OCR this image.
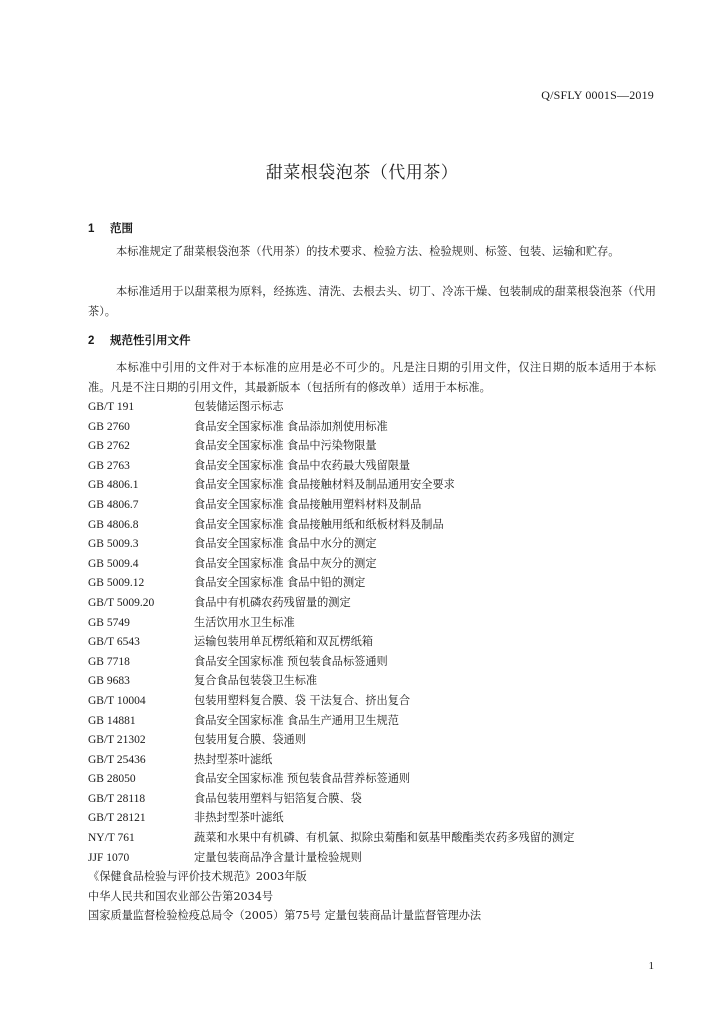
Q/SFLY 0001S—2019
甜菜根袋泡茶（代用茶）
1 范围
本标准规定了甜菜根袋泡茶（代用茶）的技术要求、检验方法、检验规则、标签、包装、运输和贮存。
本标准适用于以甜菜根为原料，经拣选、清洗、去根去头、切丁、冷冻干燥、包装制成的甜菜根袋泡茶（代用茶）。
2 规范性引用文件
本标准中引用的文件对于本标准的应用是必不可少的。凡是注日期的引用文件，仅注日期的版本适用于本标准。凡是不注日期的引用文件，其最新版本（包括所有的修改单）适用于本标准。
GB/T 191	包装储运图示标志
GB 2760	食品安全国家标准 食品添加剂使用标准
GB 2762	食品安全国家标准 食品中污染物限量
GB 2763	食品安全国家标准 食品中农药最大残留限量
GB 4806.1	食品安全国家标准 食品接触材料及制品通用安全要求
GB 4806.7	食品安全国家标准 食品接触用塑料材料及制品
GB 4806.8	食品安全国家标准 食品接触用纸和纸板材料及制品
GB 5009.3	食品安全国家标准 食品中水分的测定
GB 5009.4	食品安全国家标准 食品中灰分的测定
GB 5009.12	食品安全国家标准 食品中铅的测定
GB/T 5009.20	食品中有机磷农药残留量的测定
GB 5749	生活饮用水卫生标准
GB/T 6543	运输包装用单瓦楞纸箱和双瓦楞纸箱
GB 7718	食品安全国家标准 预包装食品标签通则
GB 9683	复合食品包装袋卫生标准
GB/T 10004	包装用塑料复合膜、袋 干法复合、挤出复合
GB 14881	食品安全国家标准 食品生产通用卫生规范
GB/T 21302	包装用复合膜、袋通则
GB/T 25436	热封型茶叶滤纸
GB 28050	食品安全国家标准 预包装食品营养标签通则
GB/T 28118	食品包装用塑料与铝箔复合膜、袋
GB/T 28121	非热封型茶叶滤纸
NY/T 761	蔬菜和水果中有机磷、有机氯、拟除虫菊酯和氨基甲酸酯类农药多残留的测定
JJF 1070	定量包装商品净含量计量检验规则
《保健食品检验与评价技术规范》2003年版
中华人民共和国农业部公告第2034号
国家质量监督检验检疫总局令（2005）第75号 定量包装商品计量监督管理办法
1
